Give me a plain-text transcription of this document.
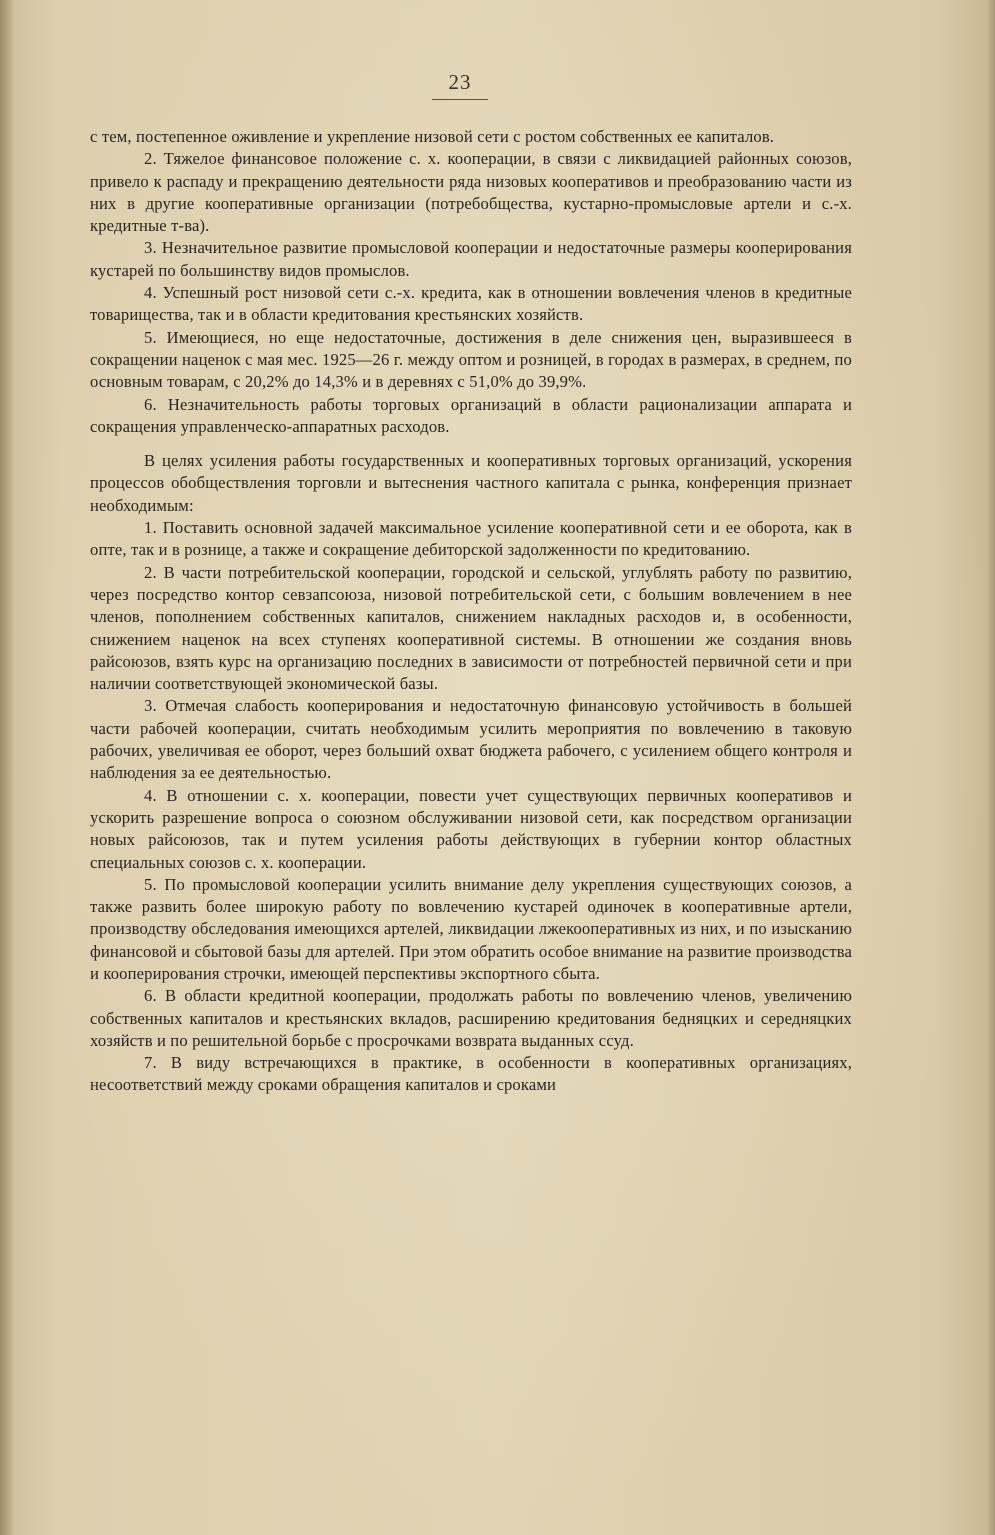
23

с тем, постепенное оживление и укрепление низовой сети с ростом собственных ее капиталов.

2. Тяжелое финансовое положение с. х. кооперации, в связи с ликвидацией районных союзов, привело к распаду и прекращению деятельности ряда низовых кооперативов и преобразованию части из них в другие кооперативные организации (потребобщества, кустарно-промысловые артели и с.-х. кредитные т-ва).

3. Незначительное развитие промысловой кооперации и недостаточные размеры кооперирования кустарей по большинству видов промыслов.

4. Успешный рост низовой сети с.-х. кредита, как в отношении вовлечения членов в кредитные товарищества, так и в области кредитования крестьянских хозяйств.

5. Имеющиеся, но еще недостаточные, достижения в деле снижения цен, выразившееся в сокращении наценок с мая мес. 1925—26 г. между оптом и розницей, в городах в размерах, в среднем, по основным товарам, с 20,2% до 14,3% и в деревнях с 51,0% до 39,9%.

6. Незначительность работы торговых организаций в области рационализации аппарата и сокращения управленческо-аппаратных расходов.

В целях усиления работы государственных и кооперативных торговых организаций, ускорения процессов обобществления торговли и вытеснения частного капитала с рынка, конференция признает необходимым:

1. Поставить основной задачей максимальное усиление кооперативной сети и ее оборота, как в опте, так и в рознице, а также и сокращение дебиторской задолженности по кредитованию.

2. В части потребительской кооперации, городской и сельской, углублять работу по развитию, через посредство контор севзапсоюза, низовой потребительской сети, с большим вовлечением в нее членов, пополнением собственных капиталов, снижением накладных расходов и, в особенности, снижением наценок на всех ступенях кооперативной системы. В отношении же создания вновь райсоюзов, взять курс на организацию последних в зависимости от потребностей первичной сети и при наличии соответствующей экономической базы.

3. Отмечая слабость кооперирования и недостаточную финансовую устойчивость в большей части рабочей кооперации, считать необходимым усилить мероприятия по вовлечению в таковую рабочих, увеличивая ее оборот, через больший охват бюджета рабочего, с усилением общего контроля и наблюдения за ее деятельностью.

4. В отношении с. х. кооперации, повести учет существующих первичных кооперативов и ускорить разрешение вопроса о союзном обслуживании низовой сети, как посредством организации новых райсоюзов, так и путем усиления работы действующих в губернии контор областных специальных союзов с. х. кооперации.

5. По промысловой кооперации усилить внимание делу укрепления существующих союзов, а также развить более широкую работу по вовлечению кустарей одиночек в кооперативные артели, производству обследования имеющихся артелей, ликвидации лжекооперативных из них, и по изысканию финансовой и сбытовой базы для артелей. При этом обратить особое внимание на развитие производства и кооперирования строчки, имеющей перспективы экспортного сбыта.

6. В области кредитной кооперации, продолжать работы по вовлечению членов, увеличению собственных капиталов и крестьянских вкладов, расширению кредитования бедняцких и середняцких хозяйств и по решительной борьбе с просрочками возврата выданных ссуд.

7. В виду встречающихся в практике, в особенности в кооперативных организациях, несоответствий между сроками обращения капиталов и сроками
